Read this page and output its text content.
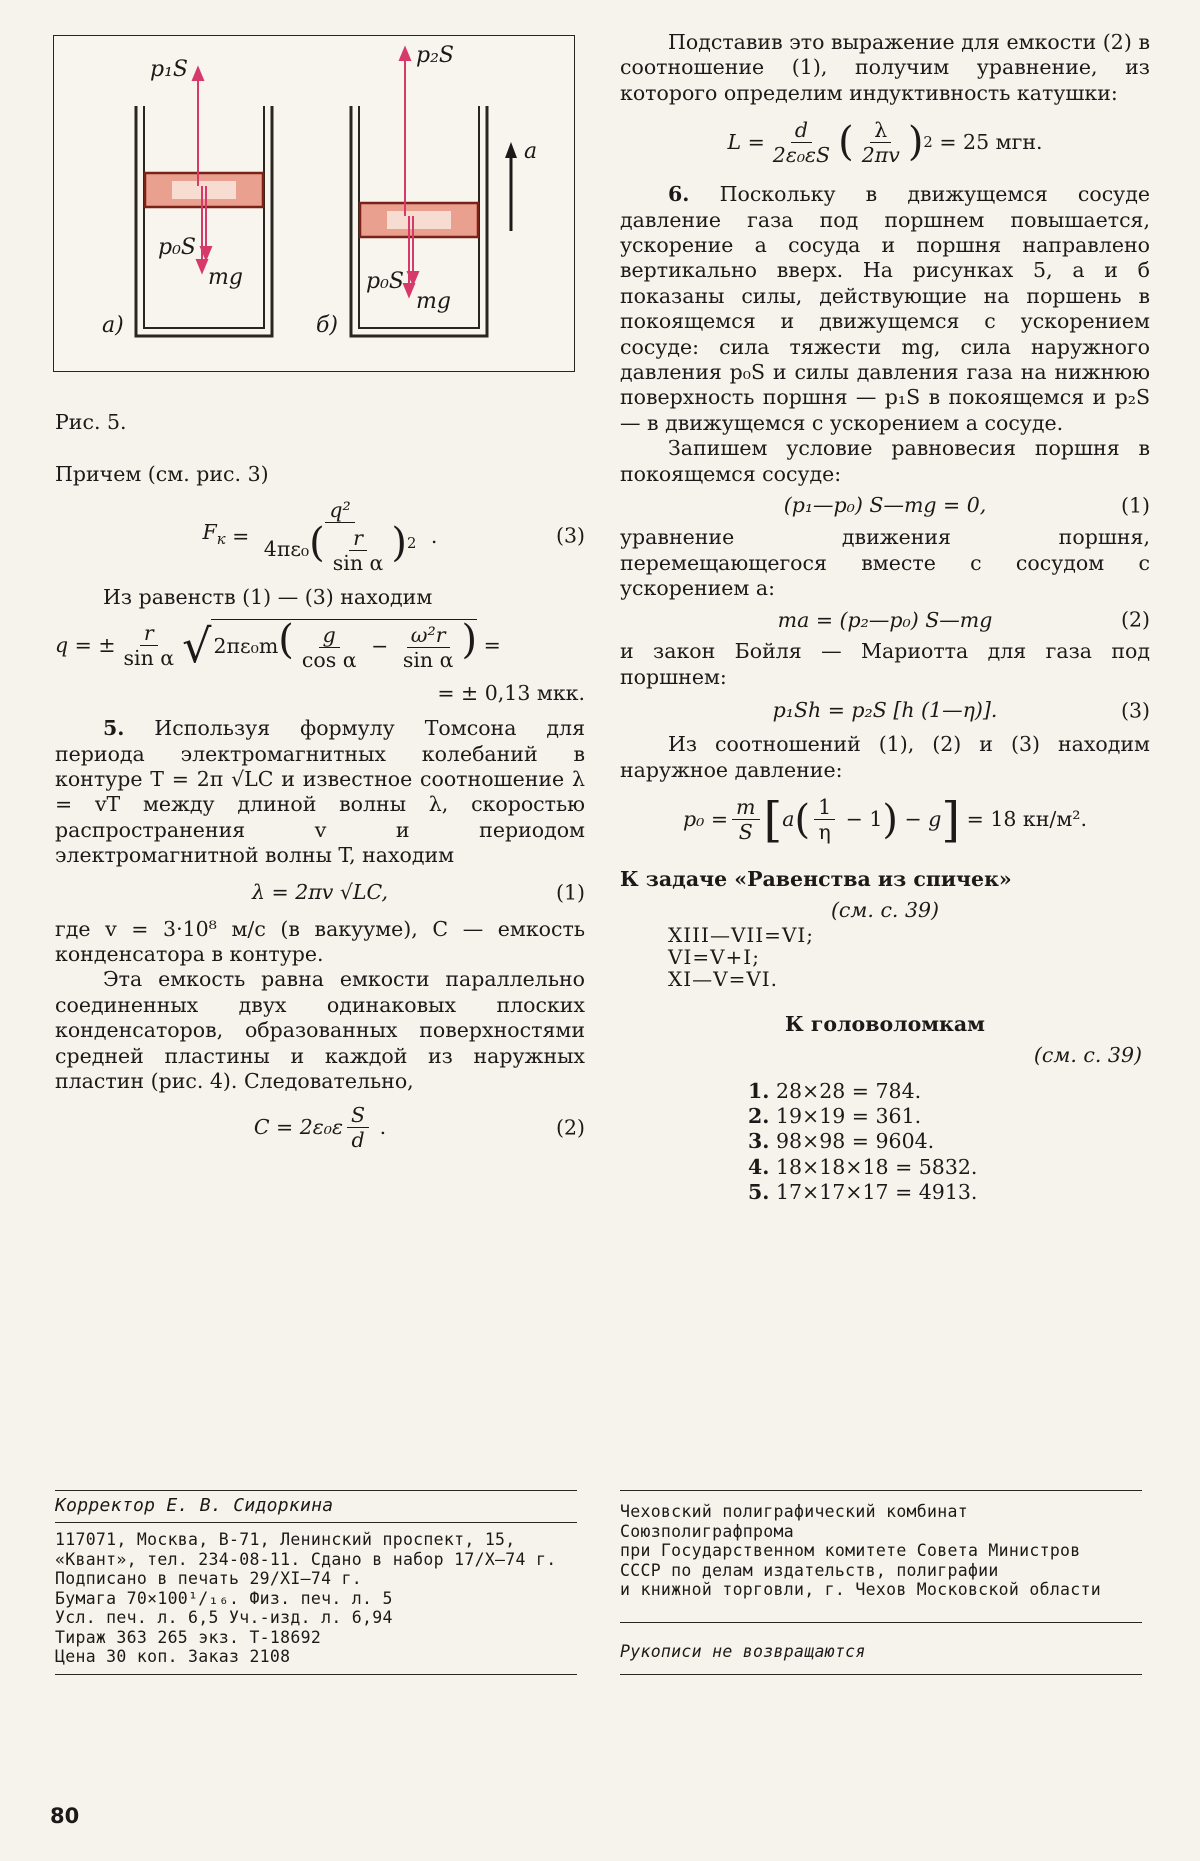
p₁S
p₀S
mg
p₂S
p₀S
mg
a
a)	б)
Рис. 5.

Причем (см. рис. 3)

$F_к = \frac{\text{q²}}{4\pi\varepsilon_0( \frac{r}{\text{sin α}} )^2}$ .	(3)

Из равенств (1) — (3) находим

q = ± $\frac{r}{\text{sin α}}$ √ $2\pi\varepsilon_0m( \frac{g}{\text{cos α}} - \frac{\text{ω²r}}{\text{sin α}}$ ) =

= ± 0,13 мкк.

5. Используя формулу Томсона для периода электромагнитных колебаний в контуре T = 2π √LC и известное соотношение λ = vT между длиной волны λ, скоростью распространения v и периодом электромагнитной волны T, находим

λ = 2πv √LC,	(1)

где v = 3·10⁸ м/с (в вакууме), C — емкость конденсатора в контуре.

Эта емкость равна емкости параллельно соединенных двух одинаковых плоских конденсаторов, образованных поверхностями средней пластины и каждой из наружных пластин (рис. 4). Следовательно,

$C = 2\varepsilon_0\varepsilon \frac{S}{d}$ .	(2)

Подставив это выражение для емкости (2) в соотношение (1), получим уравнение, из которого определим индуктивность катушки:

$L = \frac{d}{\text{2ε₀εS}}$ ( $\frac{\lambda}{2\pi v}$ ) 2
= 25 мгн.

6. Поскольку в движущемся сосуде давление газа под поршнем повышается, ускорение a сосуда и поршня направлено вертикально вверх. На рисунках 5, а и б показаны силы, действующие на поршень в покоящемся и движущемся с ускорением сосуде: сила тяжести mg, сила наружного давления p₀S и силы давления газа на нижнюю поверхность поршня — p₁S в покоящемся и p₂S — в движущемся с ускорением a сосуде.

Запишем условие равновесия поршня в покоящемся сосуде:

(p₁—p₀) S—mg = 0,	(1)

уравнение движения поршня, перемещающегося вместе с сосудом с ускорением a:

ma = (p₂—p₀) S—mg	(2)

и закон Бойля — Мариотта для газа под поршнем:

p₁Sh = p₂S [h (1—η)].	(3)

Из соотношений (1), (2) и (3) находим наружное давление:

$p_0 = \frac{m}{S}$ [ a ( $\frac{1}{\eta}$
− 1 )
− g ]
= 18 кн/м².
К задаче «Равенства из спичек»

(см. с. 39)

XIII—VII=VI;
VI=V+I;
XI—V=VI.
К головоломкам

(см. с. 39)

1. 28×28 = 784.
2. 19×19 = 361.
3. 98×98 = 9604.
4. 18×18×18 = 5832.
5. 17×17×17 = 4913.
Корректор Е. В. Сидоркина
117071, Москва, В-71, Ленинский проспект, 15,
«Квант», тел. 234-08-11. Сдано в набор 17/X—74 г.
Подписано в печать 29/XI—74 г.
Бумага 70×100¹/₁₆. Физ. печ. л. 5
Усл. печ. л. 6,5 Уч.-изд. л. 6,94
Тираж 363 265 экз. Т-18692
Цена 30 коп. Заказ 2108
Чеховский полиграфический комбинат
Союзполиграфпрома
при Государственном комитете Совета Министров
СССР по делам издательств, полиграфии
и книжной торговли, г. Чехов Московской области
Рукописи не возвращаются
80
